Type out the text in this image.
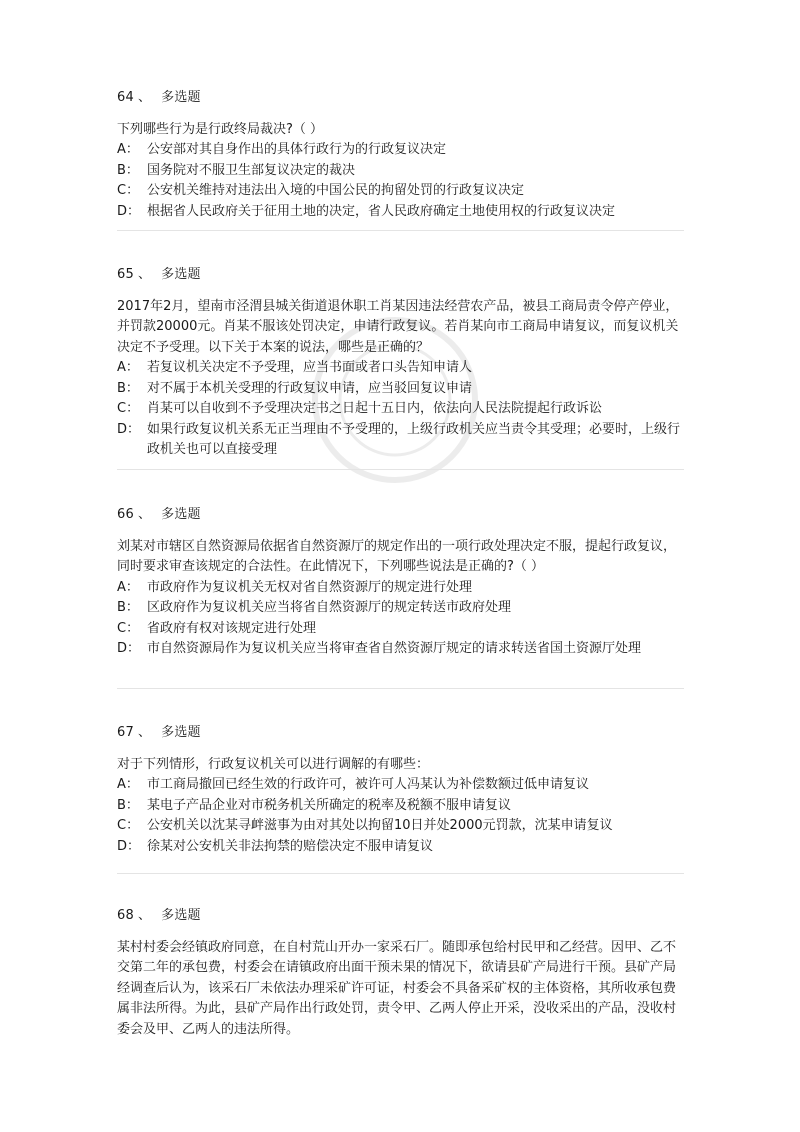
64 、 多选题
下列哪些行为是行政终局裁决?（ ）
A： 公安部对其自身作出的具体行政行为的行政复议决定
B： 国务院对不服卫生部复议决定的裁决
C： 公安机关维持对违法出入境的中国公民的拘留处罚的行政复议决定
D： 根据省人民政府关于征用土地的决定，省人民政府确定土地使用权的行政复议决定
65 、 多选题
2017年2月，望南市泾渭县城关街道退休职工肖某因违法经营农产品，被县工商局责令停产停业，并罚款20000元。肖某不服该处罚决定，申请行政复议。若肖某向市工商局申请复议，而复议机关决定不予受理。以下关于本案的说法，哪些是正确的？
A： 若复议机关决定不予受理，应当书面或者口头告知申请人
B： 对不属于本机关受理的行政复议申请，应当驳回复议申请
C： 肖某可以自收到不予受理决定书之日起十五日内，依法向人民法院提起行政诉讼
D： 如果行政复议机关系无正当理由不予受理的，上级行政机关应当责令其受理；必要时，上级行政机关也可以直接受理
66 、 多选题
刘某对市辖区自然资源局依据省自然资源厅的规定作出的一项行政处理决定不服，提起行政复议，同时要求审查该规定的合法性。在此情况下，下列哪些说法是正确的?（ ）
A： 市政府作为复议机关无权对省自然资源厅的规定进行处理
B： 区政府作为复议机关应当将省自然资源厅的规定转送市政府处理
C： 省政府有权对该规定进行处理
D： 市自然资源局作为复议机关应当将审查省自然资源厅规定的请求转送省国土资源厅处理
67 、 多选题
对于下列情形，行政复议机关可以进行调解的有哪些：
A： 市工商局撤回已经生效的行政许可，被许可人冯某认为补偿数额过低申请复议
B： 某电子产品企业对市税务机关所确定的税率及税额不服申请复议
C： 公安机关以沈某寻衅滋事为由对其处以拘留10日并处2000元罚款，沈某申请复议
D： 徐某对公安机关非法拘禁的赔偿决定不服申请复议
68 、 多选题
某村村委会经镇政府同意，在自村荒山开办一家采石厂。随即承包给村民甲和乙经营。因甲、乙不交第二年的承包费，村委会在请镇政府出面干预未果的情况下，欲请县矿产局进行干预。县矿产局经调查后认为，该采石厂未依法办理采矿许可证，村委会不具备采矿权的主体资格，其所收承包费属非法所得。为此，县矿产局作出行政处罚，责令甲、乙两人停止开采，没收采出的产品，没收村委会及甲、乙两人的违法所得。
